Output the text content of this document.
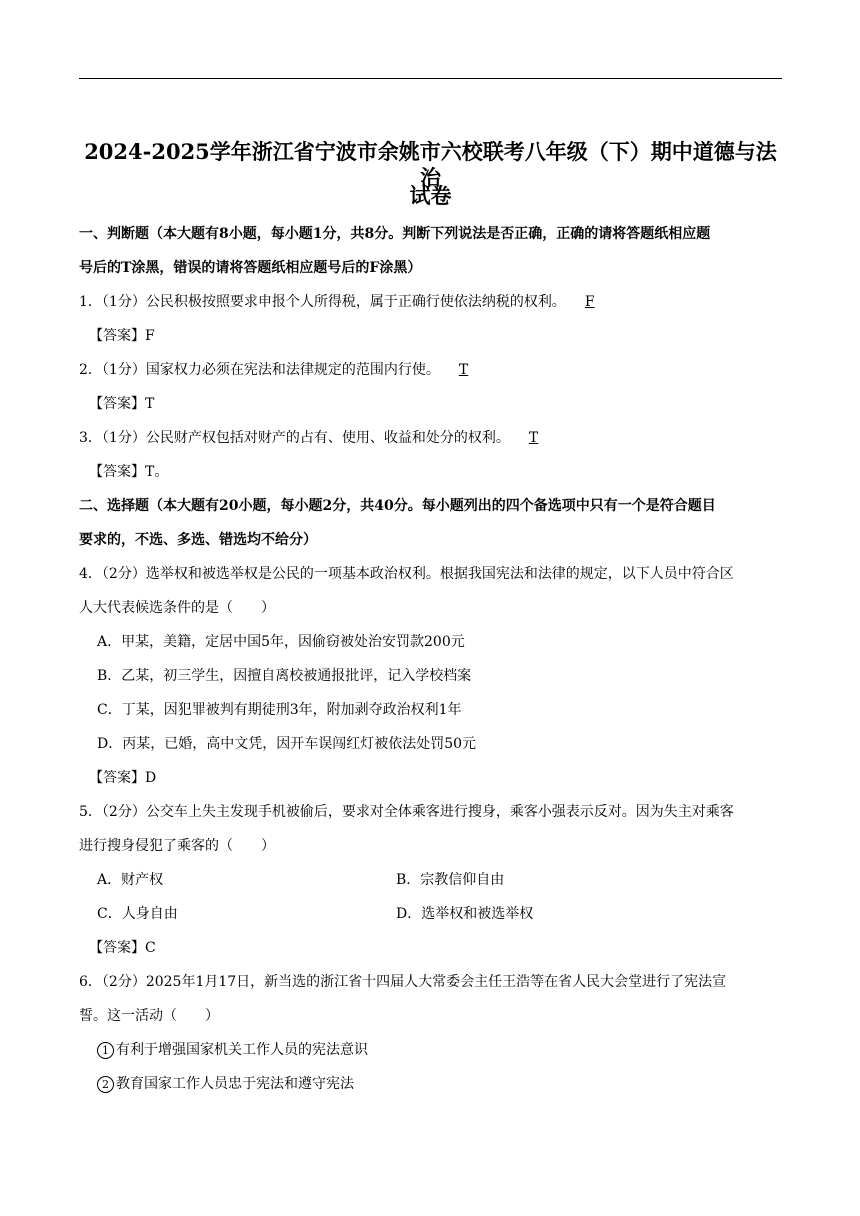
2024-2025学年浙江省宁波市余姚市六校联考八年级（下）期中道德与法治
试卷
一、判断题（本大题有8小题，每小题1分，共8分。判断下列说法是否正确，正确的请将答题纸相应题
号后的T涂黑，错误的请将答题纸相应题号后的F涂黑）
1．（1分）公民积极按照要求申报个人所得税，属于正确行使依法纳税的权利。 F
【答案】F
2．（1分）国家权力必须在宪法和法律规定的范围内行使。 T
【答案】T
3．（1分）公民财产权包括对财产的占有、使用、收益和处分的权利。 T
【答案】T。
二、选择题（本大题有20小题，每小题2分，共40分。每小题列出的四个备选项中只有一个是符合题目
要求的，不选、多选、错选均不给分）
4．（2分）选举权和被选举权是公民的一项基本政治权利。根据我国宪法和法律的规定，以下人员中符合区
人大代表候选条件的是（　　）
A．甲某，美籍，定居中国5年，因偷窃被处治安罚款200元
B．乙某，初三学生，因擅自离校被通报批评，记入学校档案
C．丁某，因犯罪被判有期徒刑3年，附加剥夺政治权利1年
D．丙某，已婚，高中文凭，因开车误闯红灯被依法处罚50元
【答案】D
5．（2分）公交车上失主发现手机被偷后，要求对全体乘客进行搜身，乘客小强表示反对。因为失主对乘客
进行搜身侵犯了乘客的（　　）
A．财产权	B．宗教信仰自由
C．人身自由	D．选举权和被选举权
【答案】C
6．（2分）2025年1月17日，新当选的浙江省十四届人大常委会主任王浩等在省人民大会堂进行了宪法宣
誓。这一活动（　　）
1 有利于增强国家机关工作人员的宪法意识
2 教育国家工作人员忠于宪法和遵守宪法
